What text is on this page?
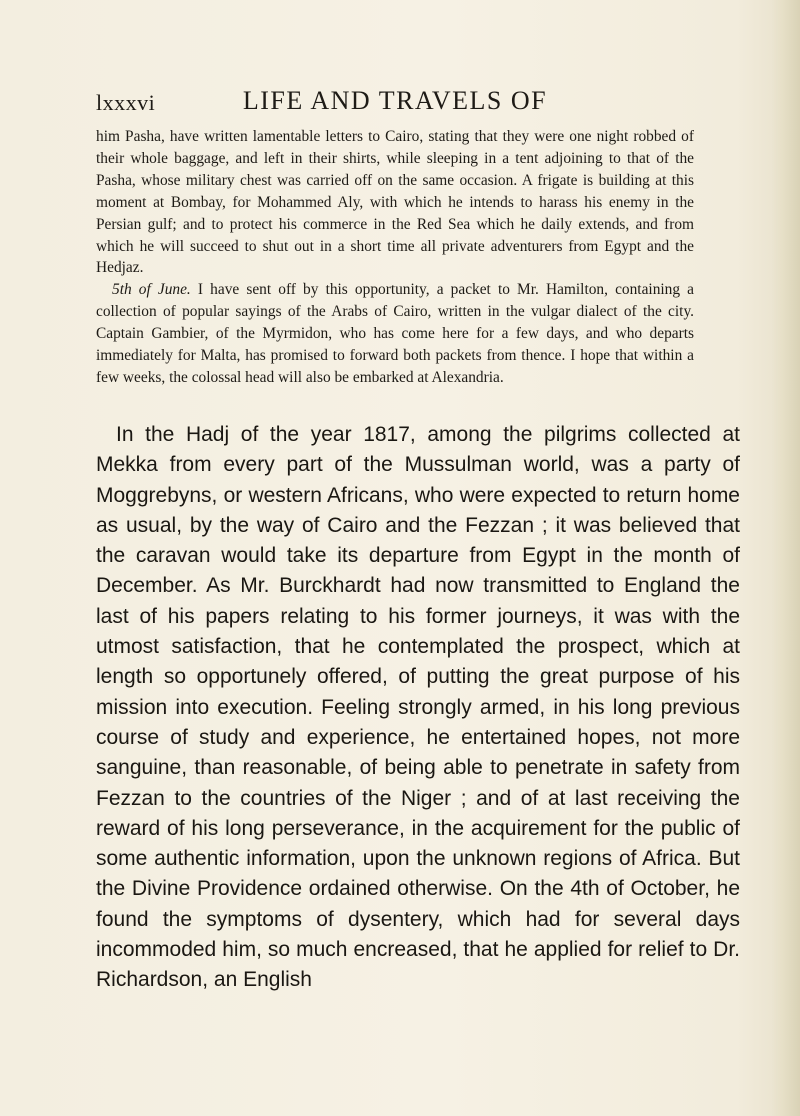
lxxxvi	LIFE AND TRAVELS OF

him Pasha, have written lamentable letters to Cairo, stating that they were one night robbed of their whole baggage, and left in their shirts, while sleeping in a tent adjoining to that of the Pasha, whose military chest was carried off on the same occasion. A frigate is building at this moment at Bombay, for Mohammed Aly, with which he intends to harass his enemy in the Persian gulf; and to protect his commerce in the Red Sea which he daily extends, and from which he will succeed to shut out in a short time all private adventurers from Egypt and the Hedjaz.

5th of June. I have sent off by this opportunity, a packet to Mr. Hamilton, containing a collection of popular sayings of the Arabs of Cairo, written in the vulgar dialect of the city. Captain Gambier, of the Myrmidon, who has come here for a few days, and who departs immediately for Malta, has promised to forward both packets from thence. I hope that within a few weeks, the colossal head will also be embarked at Alexandria.

In the Hadj of the year 1817, among the pilgrims collected at Mekka from every part of the Mussulman world, was a party of Moggrebyns, or western Africans, who were expected to return home as usual, by the way of Cairo and the Fezzan ; it was believed that the caravan would take its departure from Egypt in the month of December. As Mr. Burckhardt had now transmitted to England the last of his papers relating to his former journeys, it was with the utmost satisfaction, that he contemplated the prospect, which at length so opportunely offered, of putting the great purpose of his mission into execution. Feeling strongly armed, in his long previous course of study and experience, he entertained hopes, not more sanguine, than reasonable, of being able to penetrate in safety from Fezzan to the countries of the Niger ; and of at last receiving the reward of his long perseverance, in the acquirement for the public of some authentic information, upon the unknown regions of Africa. But the Divine Providence ordained otherwise. On the 4th of October, he found the symptoms of dysentery, which had for several days incommoded him, so much encreased, that he applied for relief to Dr. Richardson, an English
